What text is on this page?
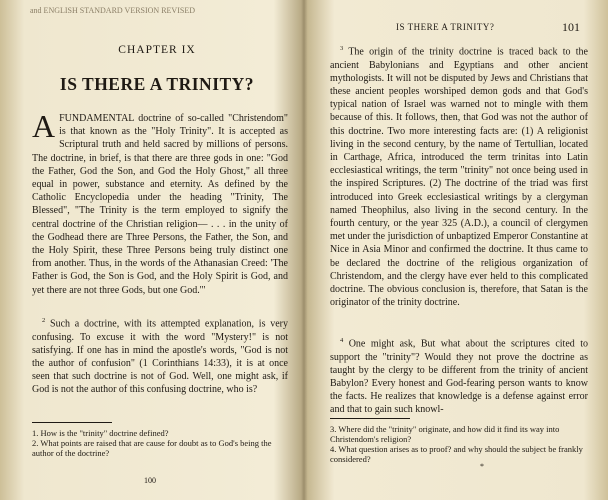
and ENGLISH STANDARD VERSION REVISED
CHAPTER IX
IS THERE A TRINITY?
AFUNDAMENTAL doctrine of so-called "Christendom" is that known as the "Holy Trinity". It is accepted as Scriptural truth and held sacred by millions of persons. The doctrine, in brief, is that there are three gods in one: "God the Father, God the Son, and God the Holy Ghost," all three equal in power, substance and eternity. As defined by the Catholic Encyclopedia under the heading "Trinity, The Blessed", "The Trinity is the term employed to signify the central doctrine of the Christian religion— . . . in the unity of the Godhead there are Three Persons, the Father, the Son, and the Holy Spirit, these Three Persons being truly distinct one from another. Thus, in the words of the Athanasian Creed: 'The Father is God, the Son is God, and the Holy Spirit is God, and yet there are not three Gods, but one God.'"
$^2$ Such a doctrine, with its attempted explanation, is very confusing. To excuse it with the word "Mystery!" is not satisfying. If one has in mind the apostle's words, "God is not the author of confusion" (1 Corinthians 14:33), it is at once seen that such doctrine is not of God. Well, one might ask, if God is not the author of this confusing doctrine, who is?
1. How is the "trinity" doctrine defined?
2. What points are raised that are cause for doubt as to God's being the author of the doctrine?
100
IS THERE A TRINITY?	101
$^3$ The origin of the trinity doctrine is traced back to the ancient Babylonians and Egyptians and other ancient mythologists. It will not be disputed by Jews and Christians that these ancient peoples worshiped demon gods and that God's typical nation of Israel was warned not to mingle with them because of this. It follows, then, that God was not the author of this doctrine. Two more interesting facts are: (1) A religionist living in the second century, by the name of Tertullian, located in Carthage, Africa, introduced the term trinitas into Latin ecclesiastical writings, the term "trinity" not once being used in the inspired Scriptures. (2) The doctrine of the triad was first introduced into Greek ecclesiastical writings by a clergyman named Theophilus, also living in the second century. In the fourth century, or the year 325 (A.D.), a council of clergymen met under the jurisdiction of unbaptized Emperor Constantine at Nice in Asia Minor and confirmed the doctrine. It thus came to be declared the doctrine of the religious organization of Christendom, and the clergy have ever held to this complicated doctrine. The obvious conclusion is, therefore, that Satan is the originator of the trinity doctrine.
$^4$ One might ask, But what about the scriptures cited to support the "trinity"? Would they not prove the doctrine as taught by the clergy to be different from the trinity of ancient Babylon? Every honest and God-fearing person wants to know the facts. He realizes that knowledge is a defense against error and that to gain such knowl-
3. Where did the "trinity" originate, and how did it find its way into Christendom's religion?
4. What question arises as to proof? and why should the subject be frankly considered?
*
